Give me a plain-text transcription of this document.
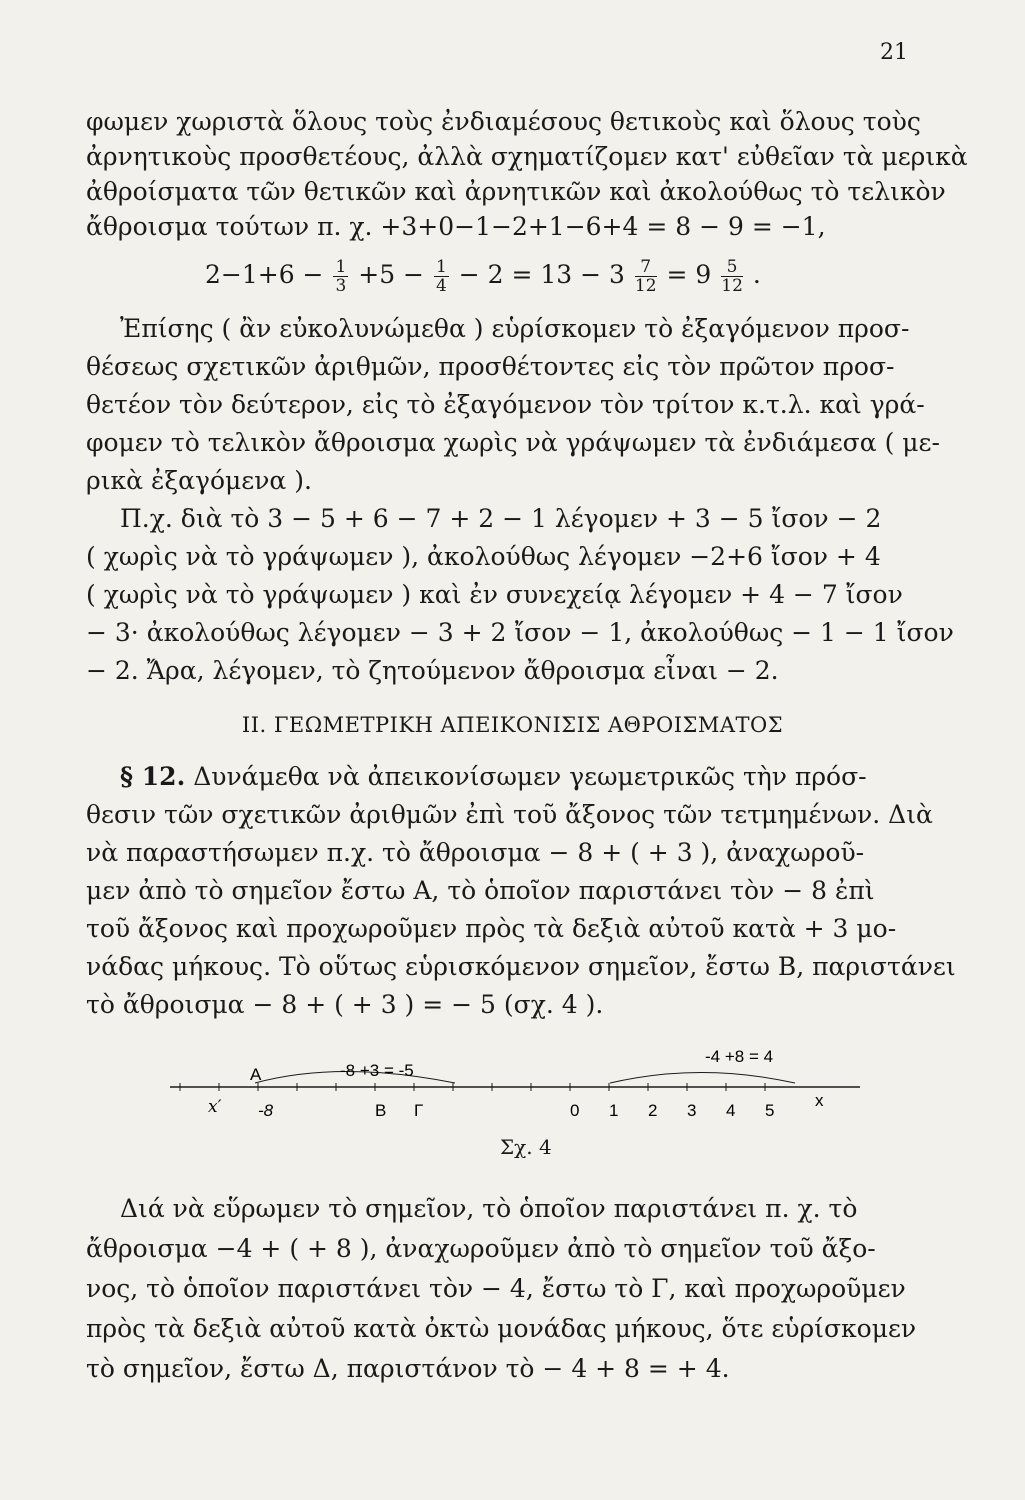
21
φωμεν χωριστὰ ὅλους τοὺς ἐνδιαμέσους θετικοὺς καὶ ὅλους τοὺς
ἀρνητικοὺς προσθετέους, ἀλλὰ σχηματίζομεν κατ' εὐθεῖαν τὰ μερικὰ
ἀθροίσματα τῶν θετικῶν καὶ ἀρνητικῶν καὶ ἀκολούθως τὸ τελικὸν
ἄθροισμα τούτων π. χ. +3+0−1−2+1−6+4 = 8 − 9 = −1,
$2-1+6 - \frac{1}{3} +5 - \frac{1}{4} - 2 = 13 - 3 \frac{7}{12} = 9 \frac{5}{12}$ .
Ἐπίσης ( ἂν εὐκολυνώμεθα ) εὑρίσκομεν τὸ ἐξαγόμενον προσ-
θέσεως σχετικῶν ἀριθμῶν, προσθέτοντες εἰς τὸν πρῶτον προσ-
θετέον τὸν δεύτερον, εἰς τὸ ἐξαγόμενον τὸν τρίτον κ.τ.λ. καὶ γρά-
φομεν τὸ τελικὸν ἄθροισμα χωρὶς νὰ γράψωμεν τὰ ἐνδιάμεσα ( με-
ρικὰ ἐξαγόμενα ).
Π.χ. διὰ τὸ 3 − 5 + 6 − 7 + 2 − 1 λέγομεν + 3 − 5 ἴσον − 2
( χωρὶς νὰ τὸ γράψωμεν ), ἀκολούθως λέγομεν −2+6 ἴσον + 4
( χωρὶς νὰ τὸ γράψωμεν ) καὶ ἐν συνεχείᾳ λέγομεν + 4 − 7 ἴσον
− 3· ἀκολούθως λέγομεν − 3 + 2 ἴσον − 1, ἀκολούθως − 1 − 1 ἴσον
− 2. Ἄρα, λέγομεν, τὸ ζητούμενον ἄθροισμα εἶναι − 2.
ΙΙ. ΓΕΩΜΕΤΡΙΚΗ ΑΠΕΙΚΟΝΙΣΙΣ ΑΘΡΟΙΣΜΑΤΟΣ
§ 12. Δυνάμεθα νὰ ἀπεικονίσωμεν γεωμετρικῶς τὴν πρόσ-
θεσιν τῶν σχετικῶν ἀριθμῶν ἐπὶ τοῦ ἄξονος τῶν τετμημένων. Διὰ
νὰ παραστήσωμεν π.χ. τὸ ἄθροισμα − 8 + ( + 3 ), ἀναχωροῦ-
μεν ἀπὸ τὸ σημεῖον ἔστω Α, τὸ ὁποῖον παριστάνει τὸν − 8 ἐπὶ
τοῦ ἄξονος καὶ προχωροῦμεν πρὸς τὰ δεξιὰ αὐτοῦ κατὰ + 3 μο-
νάδας μήκους. Τὸ οὕτως εὑρισκόμενον σημεῖον, ἔστω Β, παριστάνει
τὸ ἄθροισμα − 8 + ( + 3 ) = − 5 (σχ. 4 ).
A	-8 +3 = -5
-4 +8 = 4
x′ -8	Β Γ	0 1 2 3 4 5
x
Σχ. 4
Διά νὰ εὕρωμεν τὸ σημεῖον, τὸ ὁποῖον παριστάνει π. χ. τὸ
ἄθροισμα −4 + ( + 8 ), ἀναχωροῦμεν ἀπὸ τὸ σημεῖον τοῦ ἄξο-
νος, τὸ ὁποῖον παριστάνει τὸν − 4, ἔστω τὸ Γ, καὶ προχωροῦμεν
πρὸς τὰ δεξιὰ αὐτοῦ κατὰ ὀκτὼ μονάδας μήκους, ὅτε εὑρίσκομεν
τὸ σημεῖον, ἔστω Δ, παριστάνον τὸ − 4 + 8 = + 4.
